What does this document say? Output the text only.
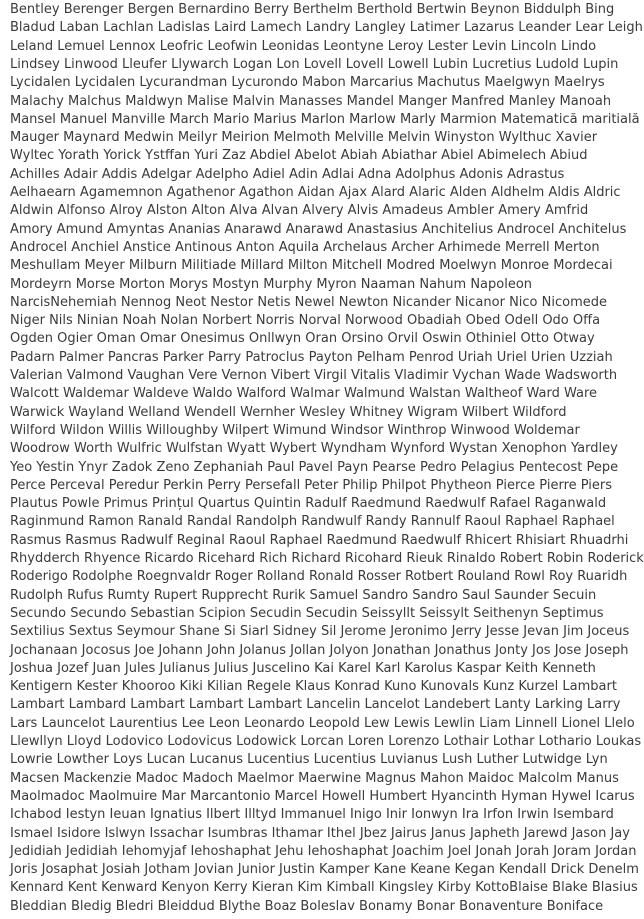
Bentley Berenger Bergen Bernardino Berry Berthelm Berthold Bertwin Beynon Biddulph Bing
Bladud Laban Lachlan Ladislas Laird Lamech Landry Langley Latimer Lazarus Leander Lear Leigh
Leland Lemuel Lennox Leofric Leofwin Leonidas Leontyne Leroy Lester Levin Lincoln Lindo
Lindsey Linwood Lleufer Llywarch Logan Lon Lovell Lovell Lowell Lubin Lucretius Ludold Lupin
Lycidalen Lycidalen Lycurandman Lycurondo Mabon Marcarius Machutus Maelgwyn Maelrys
Malachy Malchus Maldwyn Malise Malvin Manasses Mandel Manger Manfred Manley Manoah
Mansel Manuel Manville March Mario Marius Marlon Marlow Marly Marmion Matematică maritială
Mauger Maynard Medwin Meilyr Meirion Melmoth Melville Melvin Winyston Wylthuc Xavier
Wyltec Yorath Yorick Ystffan Yuri Zaz Abdiel Abelot Abiah Abiathar Abiel Abimelech Abiud
Achilles Adair Addis Adelgar Adelpho Adiel Adin Adlai Adna Adolphus Adonis Adrastus
Aelhaearn Agamemnon Agathenor Agathon Aidan Ajax Alard Alaric Alden Aldhelm Aldis Aldric
Aldwin Alfonso Alroy Alston Alton Alva Alvan Alvery Alvis Amadeus Ambler Amery Amfrid
Amory Amund Amyntas Ananias Anarawd Anarawd Anastasius Anchitelius Androcel Anchitelus
Androcel Anchiel Anstice Antinous Anton Aquila Archelaus Archer Arhimede Merrell Merton
Meshullam Meyer Milburn Militiade Millard Milton Mitchell Modred Moelwyn Monroe Mordecai
Mordeyrn Morse Morton Morys Mostyn Murphy Myron Naaman Nahum Napoleon
NarcisNehemiah Nennog Neot Nestor Netis Newel Newton Nicander Nicanor Nico Nicomede
Niger Nils Ninian Noah Nolan Norbert Norris Norval Norwood Obadiah Obed Odell Odo Offa
Ogden Ogier Oman Omar Onesimus Onllwyn Oran Orsino Orvil Oswin Othiniel Otto Otway
Padarn Palmer Pancras Parker Parry Patroclus Payton Pelham Penrod Uriah Uriel Urien Uzziah
Valerian Valmond Vaughan Vere Vernon Vibert Virgil Vitalis Vladimir Vychan Wade Wadsworth
Walcott Waldemar Waldeve Waldo Walford Walmar Walmund Walstan Waltheof Ward Ware
Warwick Wayland Welland Wendell Wernher Wesley Whitney Wigram Wilbert Wildford
Wilford Wildon Willis Willoughby Wilpert Wimund Windsor Winthrop Winwood Woldemar
Woodrow Worth Wulfric Wulfstan Wyatt Wybert Wyndham Wynford Wystan Xenophon Yardley
Yeo Yestin Ynyr Zadok Zeno Zephaniah Paul Pavel Payn Pearse Pedro Pelagius Pentecost Pepe
Perce Perceval Peredur Perkin Perry Persefall Peter Philip Philpot Phytheon Pierce Pierre Piers
Plautus Powle Primus Prințul Quartus Quintin Radulf Raedmund Raedwulf Rafael Raganwald
Raginmund Ramon Ranald Randal Randolph Randwulf Randy Rannulf Raoul Raphael Raphael
Rasmus Rasmus Radwulf Reginal Raoul Raphael Raedmund Raedwulf Rhicert Rhisiart Rhuadrhi
Rhydderch Rhyence Ricardo Ricehard Rich Richard Ricohard Rieuk Rinaldo Robert Robin Roderick
Roderigo Rodolphe Roegnvaldr Roger Rolland Ronald Rosser Rotbert Rouland Rowl Roy Ruaridh
Rudolph Rufus Rumty Rupert Rupprecht Rurik Samuel Sandro Sandro Saul Saunder Secuin
Secundo Secundo Sebastian Scipion Secudin Secudin Seissyllt Seissylt Seithenyn Septimus
Sextilius Sextus Seymour Shane Si Siarl Sidney Sil Jerome Jeronimo Jerry Jesse Jevan Jim Joceus
Jochanaan Jocosus Joe Johann John Jolanus Jollan Jolyon Jonathan Jonathus Jonty Jos Jose Joseph
Joshua Jozef Juan Jules Julianus Julius Juscelino Kai Karel Karl Karolus Kaspar Keith Kenneth
Kentigern Kester Khooroo Kiki Kilian Regele Klaus Konrad Kuno Kunovals Kunz Kurzel Lambart
Lambart Lambard Lambart Lambart Lambart Lancelin Lancelot Landebert Lanty Larking Larry
Lars Launcelot Laurentius Lee Leon Leonardo Leopold Lew Lewis Lewlin Liam Linnell Lionel Llelo
Llewllyn Lloyd Lodovico Lodovicus Lodowick Lorcan Loren Lorenzo Lothair Lothar Lothario Loukas
Lowrie Lowther Loys Lucan Lucanus Lucentius Lucentius Luvianus Lush Luther Lutwidge Lyn
Macsen Mackenzie Madoc Madoch Maelmor Maerwine Magnus Mahon Maidoc Malcolm Manus
Maolmadoc Maolmuire Mar Marcantonio Marcel Howell Humbert Hyancinth Hyman Hywel Icarus
Ichabod Iestyn Ieuan Ignatius Ilbert Illtyd Immanuel Inigo Inir Ionwyn Ira Irfon Irwin Isembard
Ismael Isidore Islwyn Issachar Isumbras Ithamar Ithel Jbez Jairus Janus Japheth Jarewd Jason Jay
Jedidiah Jedidiah Iehomyjaf Iehoshaphat Jehu Iehoshaphat Joachim Joel Jonah Jorah Joram Jordan
Joris Josaphat Josiah Jotham Jovian Junior Justin Kamper Kane Keane Kegan Kendall Drick Denelm
Kennard Kent Kenward Kenyon Kerry Kieran Kim Kimball Kingsley Kirby KottoBlaise Blake Blasius
Bleddian Bledig Bledri Bleiddud Blythe Boaz Boleslav Bonamy Bonar Bonaventure Boniface
